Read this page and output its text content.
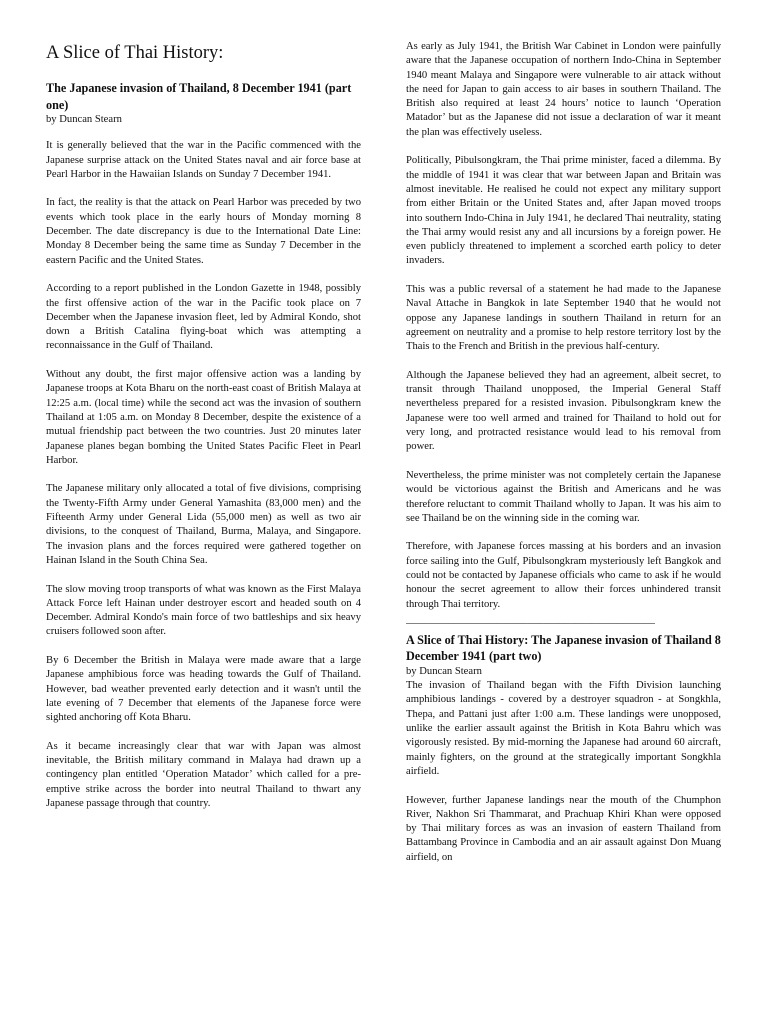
A Slice of Thai History:
The Japanese invasion of Thailand, 8 December 1941 (part one)
by Duncan Stearn

It is generally believed that the war in the Pacific commenced with the Japanese surprise attack on the United States naval and air force base at Pearl Harbor in the Hawaiian Islands on Sunday 7 December 1941.

In fact, the reality is that the attack on Pearl Harbor was preceded by two events which took place in the early hours of Monday morning 8 December. The date discrepancy is due to the International Date Line: Monday 8 December being the same time as Sunday 7 December in the eastern Pacific and the United States.

According to a report published in the London Gazette in 1948, possibly the first offensive action of the war in the Pacific took place on 7 December when the Japanese invasion fleet, led by Admiral Kondo, shot down a British Catalina flying-boat which was attempting a reconnaissance in the Gulf of Thailand.

Without any doubt, the first major offensive action was a landing by Japanese troops at Kota Bharu on the north-east coast of British Malaya at 12:25 a.m. (local time) while the second act was the invasion of southern Thailand at 1:05 a.m. on Monday 8 December, despite the existence of a mutual friendship pact between the two countries. Just 20 minutes later Japanese planes began bombing the United States Pacific Fleet in Pearl Harbor.

The Japanese military only allocated a total of five divisions, comprising the Twenty-Fifth Army under General Yamashita (83,000 men) and the Fifteenth Army under General Lida (55,000 men) as well as two air divisions, to the conquest of Thailand, Burma, Malaya, and Singapore. The invasion plans and the forces required were gathered together on Hainan Island in the South China Sea.

The slow moving troop transports of what was known as the First Malaya Attack Force left Hainan under destroyer escort and headed south on 4 December. Admiral Kondo's main force of two battleships and six heavy cruisers followed soon after.

By 6 December the British in Malaya were made aware that a large Japanese amphibious force was heading towards the Gulf of Thailand. However, bad weather prevented early detection and it wasn't until the late evening of 7 December that elements of the Japanese force were sighted anchoring off Kota Bharu.

As it became increasingly clear that war with Japan was almost inevitable, the British military command in Malaya had drawn up a contingency plan entitled ‘Operation Matador’ which called for a pre-emptive strike across the border into neutral Thailand to thwart any Japanese passage through that country.

As early as July 1941, the British War Cabinet in London were painfully aware that the Japanese occupation of northern Indo-China in September 1940 meant Malaya and Singapore were vulnerable to air attack without the need for Japan to gain access to air bases in southern Thailand. The British also required at least 24 hours’ notice to launch ‘Operation Matador’ but as the Japanese did not issue a declaration of war it meant the plan was effectively useless.

Politically, Pibulsongkram, the Thai prime minister, faced a dilemma. By the middle of 1941 it was clear that war between Japan and Britain was almost inevitable. He realised he could not expect any military support from either Britain or the United States and, after Japan moved troops into southern Indo-China in July 1941, he declared Thai neutrality, stating the Thai army would resist any and all incursions by a foreign power. He even publicly threatened to implement a scorched earth policy to deter invaders.

This was a public reversal of a statement he had made to the Japanese Naval Attache in Bangkok in late September 1940 that he would not oppose any Japanese landings in southern Thailand in return for an agreement on neutrality and a promise to help restore territory lost by the Thais to the French and British in the previous half-century.

Although the Japanese believed they had an agreement, albeit secret, to transit through Thailand unopposed, the Imperial General Staff nevertheless prepared for a resisted invasion. Pibulsongkram knew the Japanese were too well armed and trained for Thailand to hold out for very long, and protracted resistance would lead to his removal from power.

Nevertheless, the prime minister was not completely certain the Japanese would be victorious against the British and Americans and he was therefore reluctant to commit Thailand wholly to Japan. It was his aim to see Thailand be on the winning side in the coming war.

Therefore, with Japanese forces massing at his borders and an invasion force sailing into the Gulf, Pibulsongkram mysteriously left Bangkok and could not be contacted by Japanese officials who came to ask if he would honour the secret agreement to allow their forces unhindered transit through Thai territory.

_______________________________________________
A Slice of Thai History: The Japanese invasion of Thailand 8 December 1941 (part two)
by Duncan Stearn

The invasion of Thailand began with the Fifth Division launching amphibious landings - covered by a destroyer squadron - at Songkhla, Thepa, and Pattani just after 1:00 a.m. These landings were unopposed, unlike the earlier assault against the British in Kota Bahru which was vigorously resisted. By mid-morning the Japanese had around 60 aircraft, mainly fighters, on the ground at the strategically important Songkhla airfield.

However, further Japanese landings near the mouth of the Chumphon River, Nakhon Sri Thammarat, and Prachuap Khiri Khan were opposed by Thai military forces as was an invasion of eastern Thailand from Battambang Province in Cambodia and an air assault against Don Muang airfield, on
